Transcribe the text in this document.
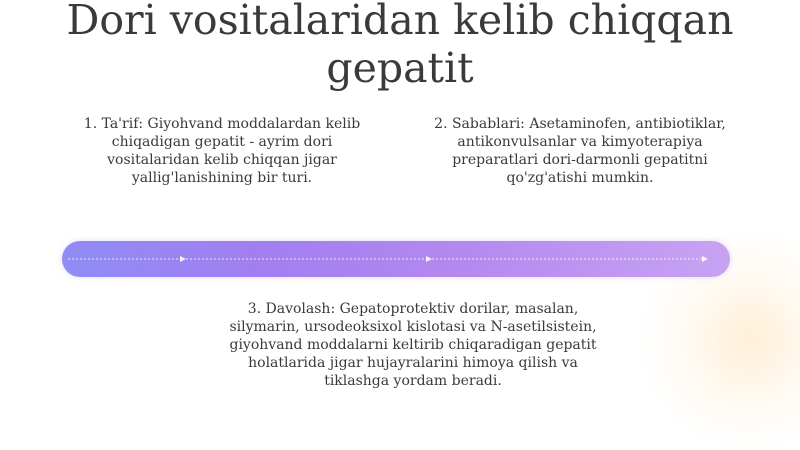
Dori vositalaridan kelib chiqqan gepatit
1. Ta'rif: Giyohvand moddalardan kelib chiqadigan gepatit - ayrim dori vositalaridan kelib chiqqan jigar yallig'lanishining bir turi.
2. Sabablari: Asetaminofen, antibiotiklar, antikonvulsanlar va kimyoterapiya preparatlari dori-darmonli gepatitni qo'zg'atishi mumkin.
3. Davolash: Gepatoprotektiv dorilar, masalan, silymarin, ursodeoksixol kislotasi va N-asetilsistein, giyohvand moddalarni keltirib chiqaradigan gepatit holatlarida jigar hujayralarini himoya qilish va tiklashga yordam beradi.
